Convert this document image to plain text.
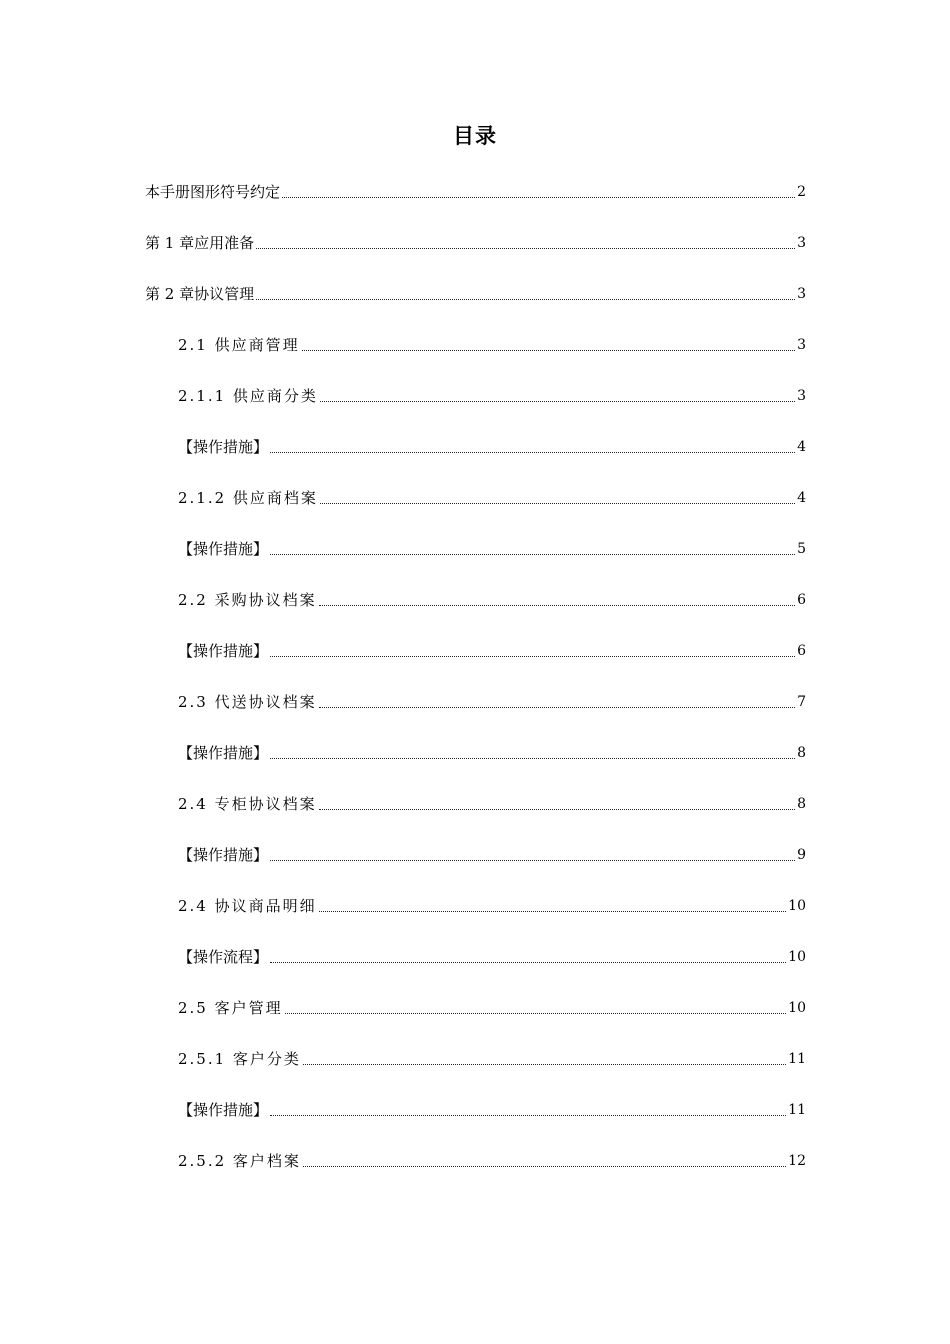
目录
本手册图形符号约定	2
第 1 章应用准备	3
第 2 章协议管理	3
2.1 供应商管理	3
2.1.1 供应商分类	3
【操作措施】	4
2.1.2 供应商档案	4
【操作措施】	5
2.2 采购协议档案	6
【操作措施】	6
2.3 代送协议档案	7
【操作措施】	8
2.4 专柜协议档案	8
【操作措施】	9
2.4 协议商品明细	10
【操作流程】	10
2.5 客户管理	10
2.5.1 客户分类	11
【操作措施】	11
2.5.2 客户档案	12
